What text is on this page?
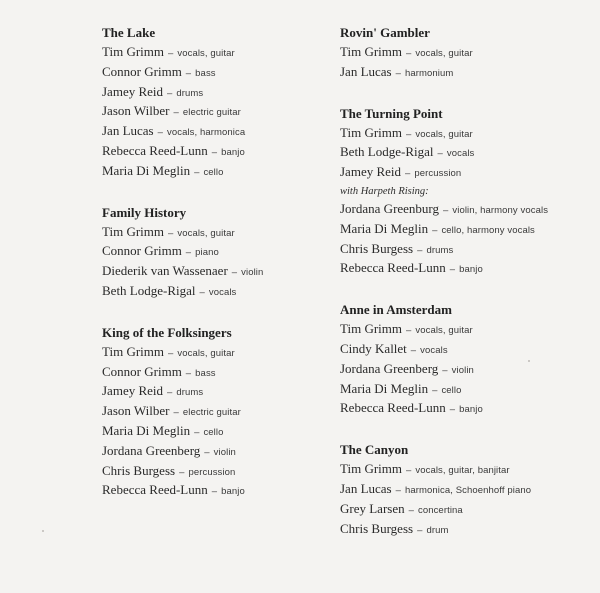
The Lake
Tim Grimm – vocals, guitar
Connor Grimm – bass
Jamey Reid – drums
Jason Wilber – electric guitar
Jan Lucas – vocals, harmonica
Rebecca Reed-Lunn – banjo
Maria Di Meglin – cello
Family History
Tim Grimm – vocals, guitar
Connor Grimm – piano
Diederik van Wassenaer – violin
Beth Lodge-Rigal – vocals
King of the Folksingers
Tim Grimm – vocals, guitar
Connor Grimm – bass
Jamey Reid – drums
Jason Wilber – electric guitar
Maria Di Meglin – cello
Jordana Greenberg – violin
Chris Burgess – percussion
Rebecca Reed-Lunn – banjo
Rovin' Gambler
Tim Grimm – vocals, guitar
Jan Lucas – harmonium
The Turning Point
Tim Grimm – vocals, guitar
Beth Lodge-Rigal – vocals
Jamey Reid – percussion
with Harpeth Rising:
Jordana Greenburg – violin, harmony vocals
Maria Di Meglin – cello, harmony vocals
Chris Burgess – drums
Rebecca Reed-Lunn – banjo
Anne in Amsterdam
Tim Grimm – vocals, guitar
Cindy Kallet – vocals
Jordana Greenberg – violin
Maria Di Meglin – cello
Rebecca Reed-Lunn – banjo
The Canyon
Tim Grimm – vocals, guitar, banjitar
Jan Lucas – harmonica, Schoenhoff piano
Grey Larsen – concertina
Chris Burgess – drum
